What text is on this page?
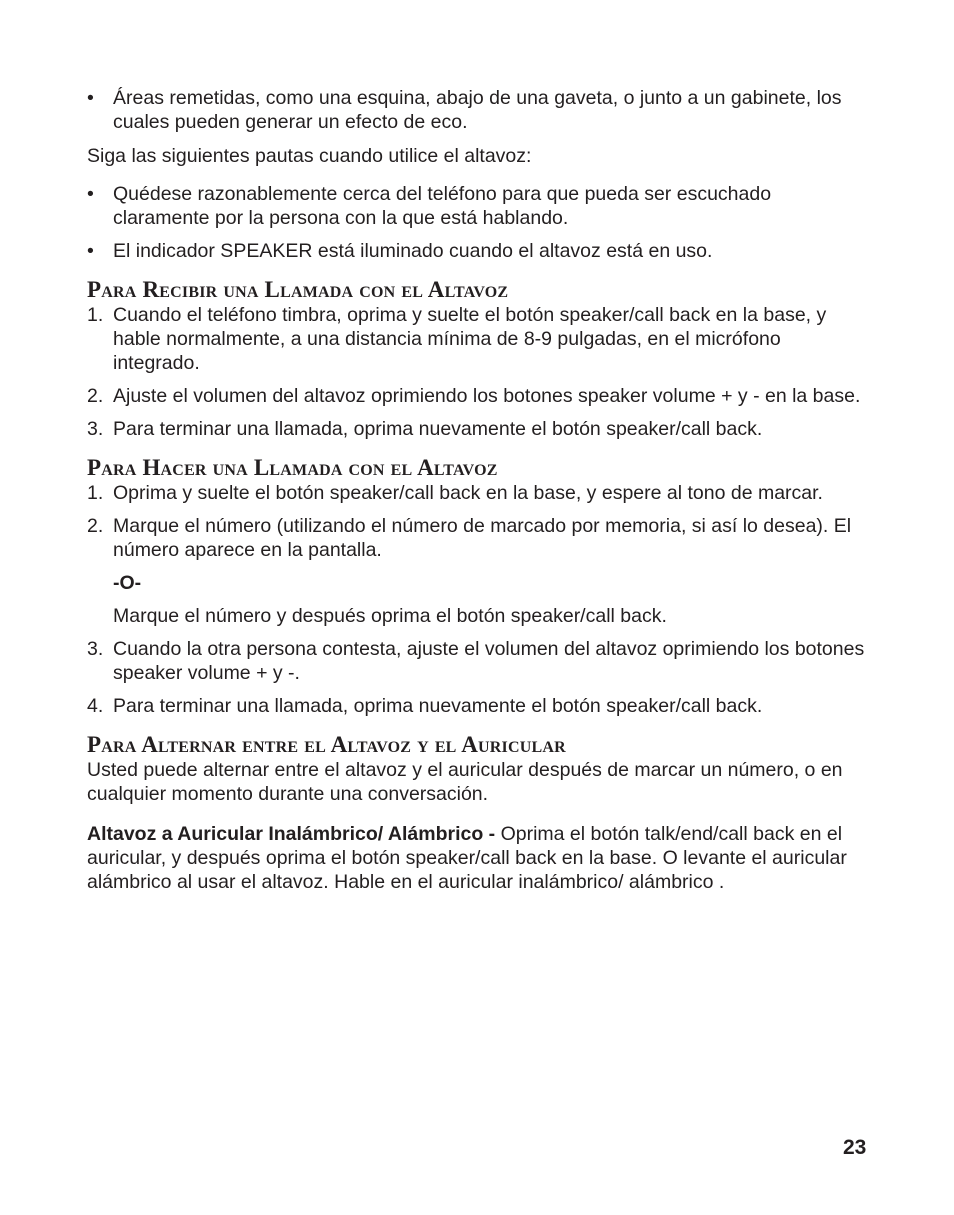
• Áreas remetidas, como una esquina, abajo de una gaveta, o junto a un gabinete, los cuales pueden generar un efecto de eco.

Siga las siguientes pautas cuando utilice el altavoz:

• Quédese razonablemente cerca del teléfono para que pueda ser escuchado claramente por la persona con la que está hablando.
• El indicador SPEAKER está iluminado cuando el altavoz está en uso.
Para Recibir una Llamada con el Altavoz
1. Cuando el teléfono timbra, oprima y suelte el botón speaker/call back en la base, y hable normalmente, a una distancia mínima de 8-9 pulgadas, en el micrófono integrado.
2. Ajuste el volumen del altavoz oprimiendo los botones speaker volume + y - en la base.
3. Para terminar una llamada, oprima nuevamente el botón speaker/call back.
Para Hacer una Llamada con el Altavoz
1. Oprima y suelte el botón speaker/call back en la base, y espere al tono de marcar.
2. Marque el número (utilizando el número de marcado por memoria, si así lo desea). El número aparece en la pantalla.
-O-
Marque el número y después oprima el botón speaker/call back.
3. Cuando la otra persona contesta, ajuste el volumen del altavoz oprimiendo los botones speaker volume + y -.
4. Para terminar una llamada, oprima nuevamente el botón speaker/call back.
Para Alternar entre el Altavoz y el Auricular

Usted puede alternar entre el altavoz y el auricular después de marcar un número, o en cualquier momento durante una conversación.

Altavoz a Auricular Inalámbrico/ Alámbrico - Oprima el botón talk/end/call back en el auricular, y después oprima el botón speaker/call back en la base. O levante el auricular alámbrico al usar el altavoz. Hable en el auricular inalámbrico/ alámbrico .

23
